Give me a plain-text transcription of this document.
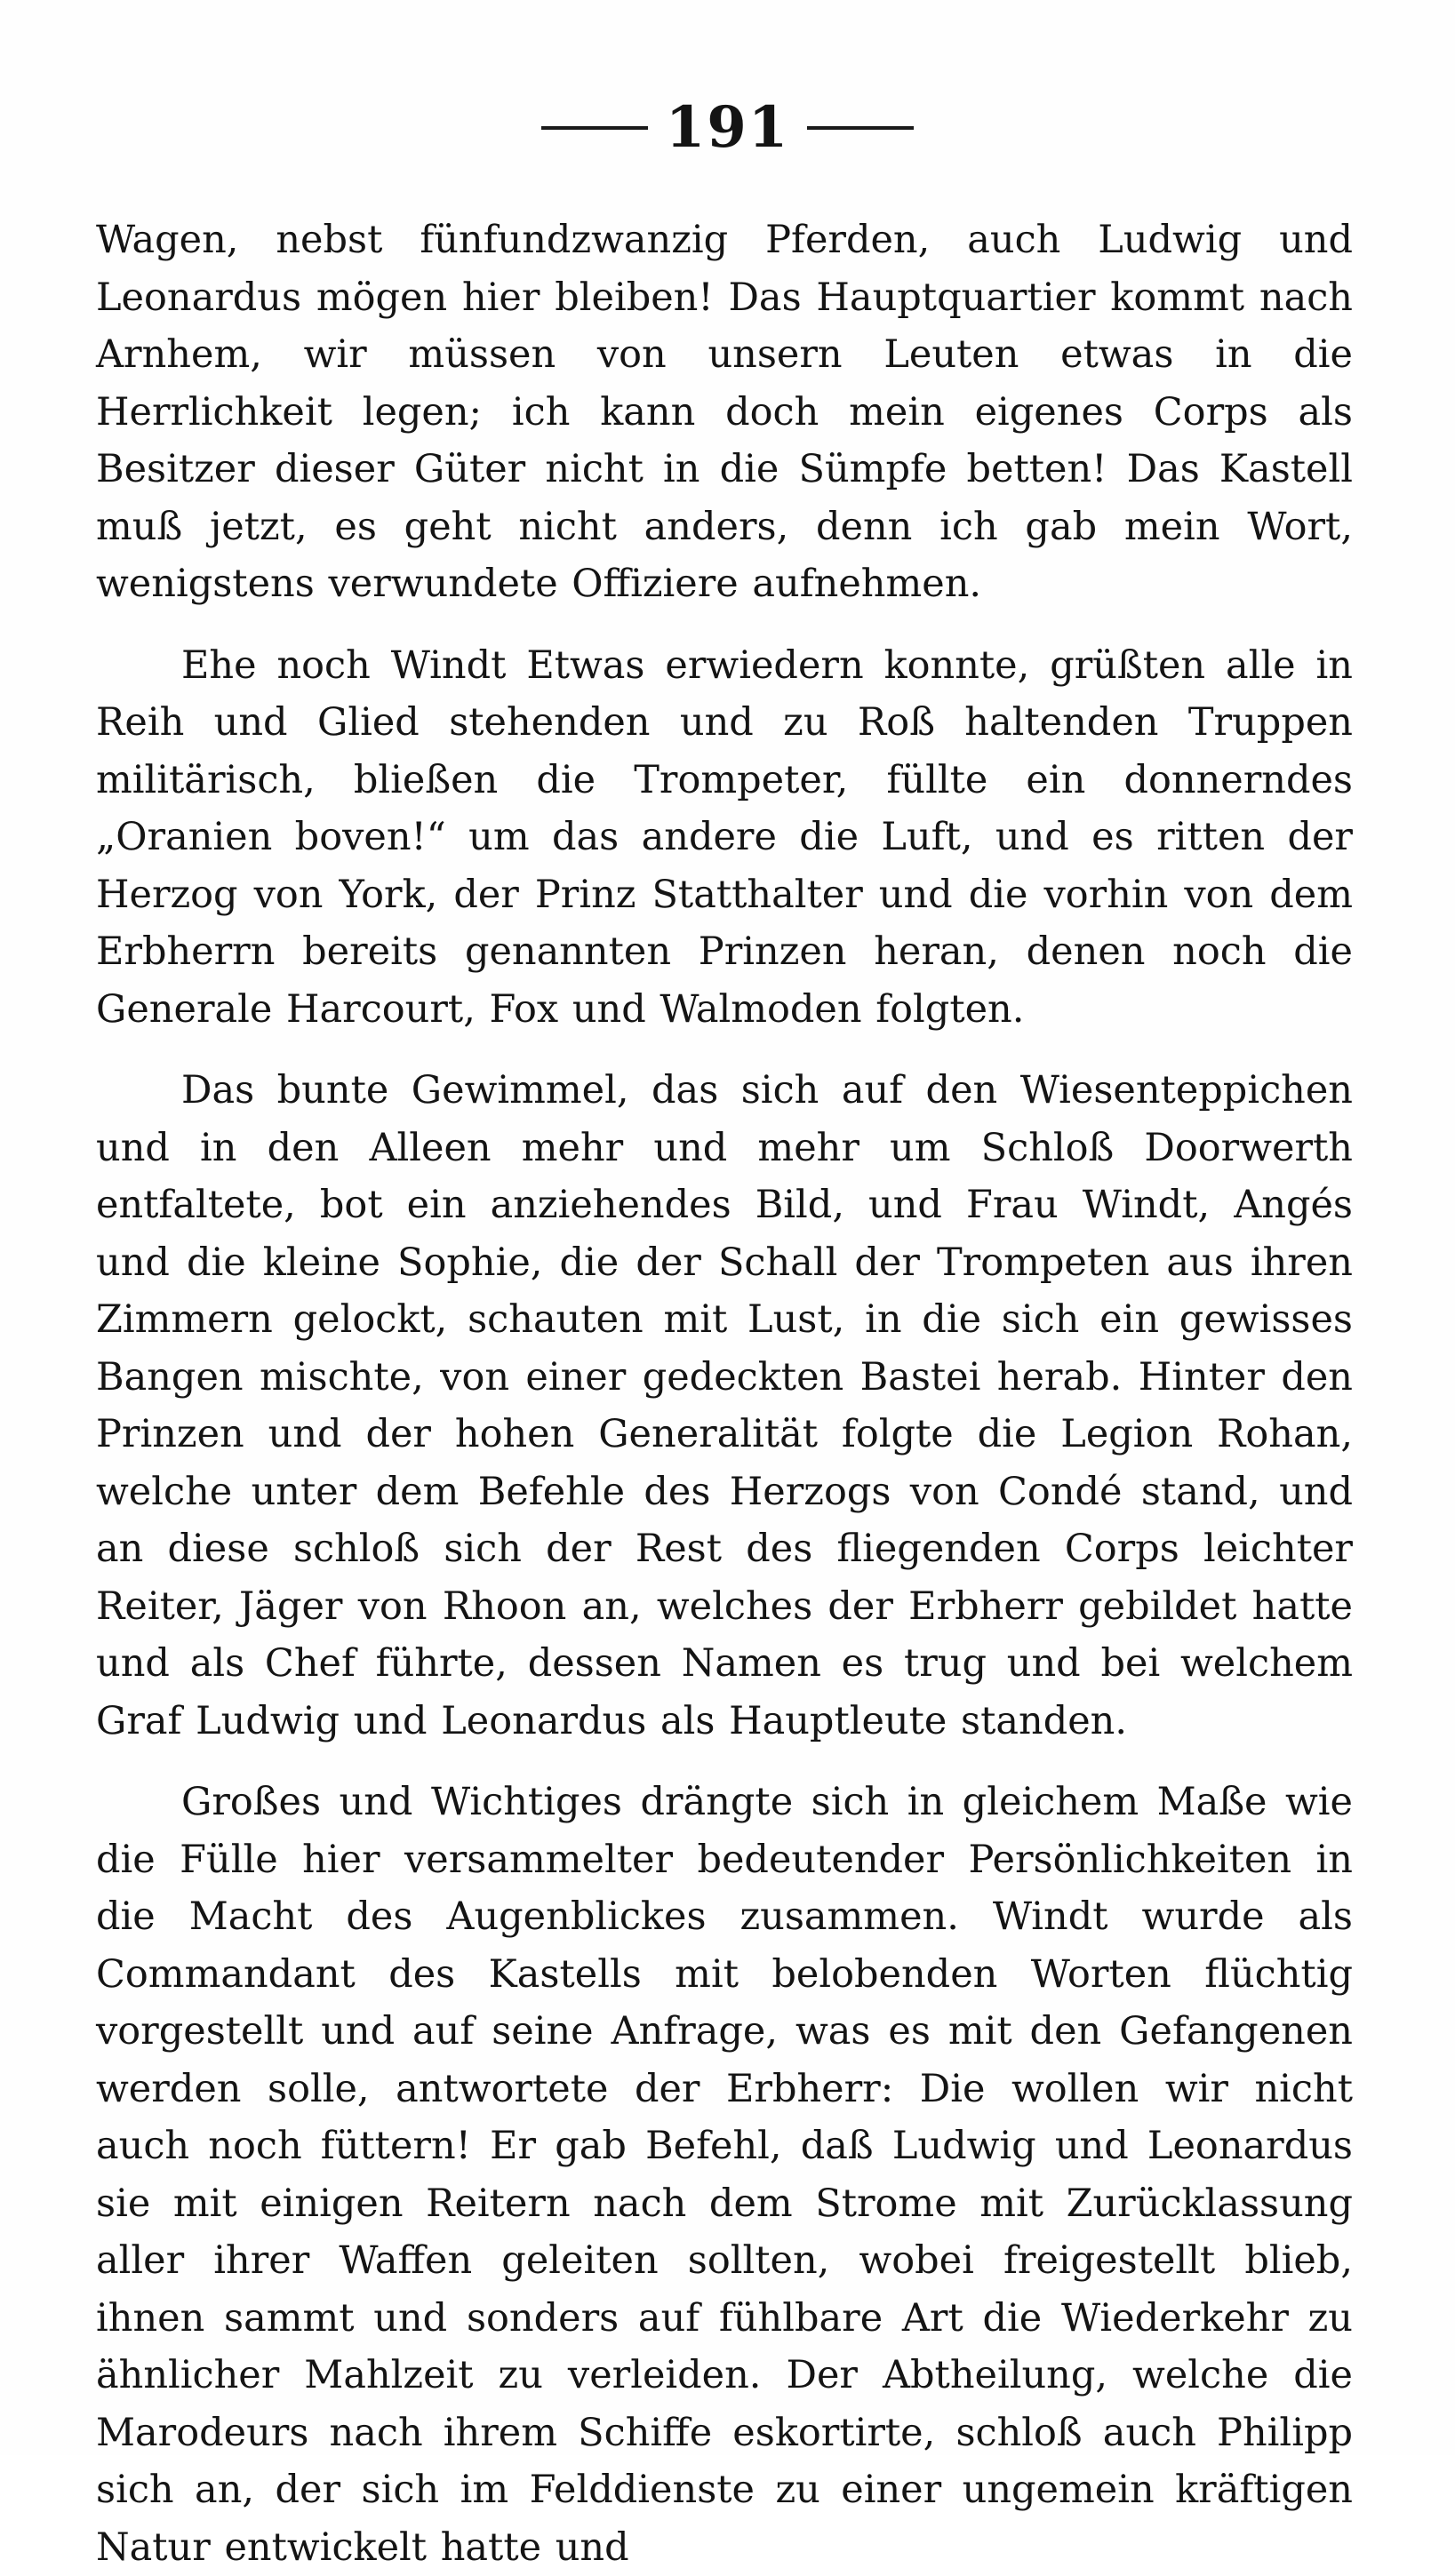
191

Wagen, nebst fünfundzwanzig Pferden, auch Ludwig und Leonardus mögen hier bleiben! Das Hauptquartier kommt nach Arnhem, wir müssen von unsern Leuten etwas in die Herrlichkeit legen; ich kann doch mein eigenes Corps als Besitzer dieser Güter nicht in die Sümpfe betten! Das Kastell muß jetzt, es geht nicht anders, denn ich gab mein Wort, wenigstens verwundete Offiziere aufnehmen.

Ehe noch Windt Etwas erwiedern konnte, grüßten alle in Reih und Glied stehenden und zu Roß haltenden Truppen militärisch, bließen die Trompeter, füllte ein donnerndes „Oranien boven!“ um das andere die Luft, und es ritten der Herzog von York, der Prinz Statthalter und die vorhin von dem Erbherrn bereits genannten Prinzen heran, denen noch die Generale Harcourt, Fox und Walmoden folgten.

Das bunte Gewimmel, das sich auf den Wiesenteppichen und in den Alleen mehr und mehr um Schloß Doorwerth entfaltete, bot ein anziehendes Bild, und Frau Windt, Angés und die kleine Sophie, die der Schall der Trompeten aus ihren Zimmern gelockt, schauten mit Lust, in die sich ein gewisses Bangen mischte, von einer gedeckten Bastei herab. Hinter den Prinzen und der hohen Generalität folgte die Legion Rohan, welche unter dem Befehle des Herzogs von Condé stand, und an diese schloß sich der Rest des fliegenden Corps leichter Reiter, Jäger von Rhoon an, welches der Erbherr gebildet hatte und als Chef führte, dessen Namen es trug und bei welchem Graf Ludwig und Leonardus als Hauptleute standen.

Großes und Wichtiges drängte sich in gleichem Maße wie die Fülle hier versammelter bedeutender Persönlichkeiten in die Macht des Augenblickes zusammen. Windt wurde als Commandant des Kastells mit belobenden Worten flüchtig vorgestellt und auf seine Anfrage, was es mit den Gefangenen werden solle, antwortete der Erbherr: Die wollen wir nicht auch noch füttern! Er gab Befehl, daß Ludwig und Leonardus sie mit einigen Reitern nach dem Strome mit Zurücklassung aller ihrer Waffen geleiten sollten, wobei freigestellt blieb, ihnen sammt und sonders auf fühlbare Art die Wiederkehr zu ähnlicher Mahlzeit zu verleiden. Der Abtheilung, welche die Marodeurs nach ihrem Schiffe eskortirte, schloß auch Philipp sich an, der sich im Felddienste zu einer ungemein kräftigen Natur entwickelt hatte und
